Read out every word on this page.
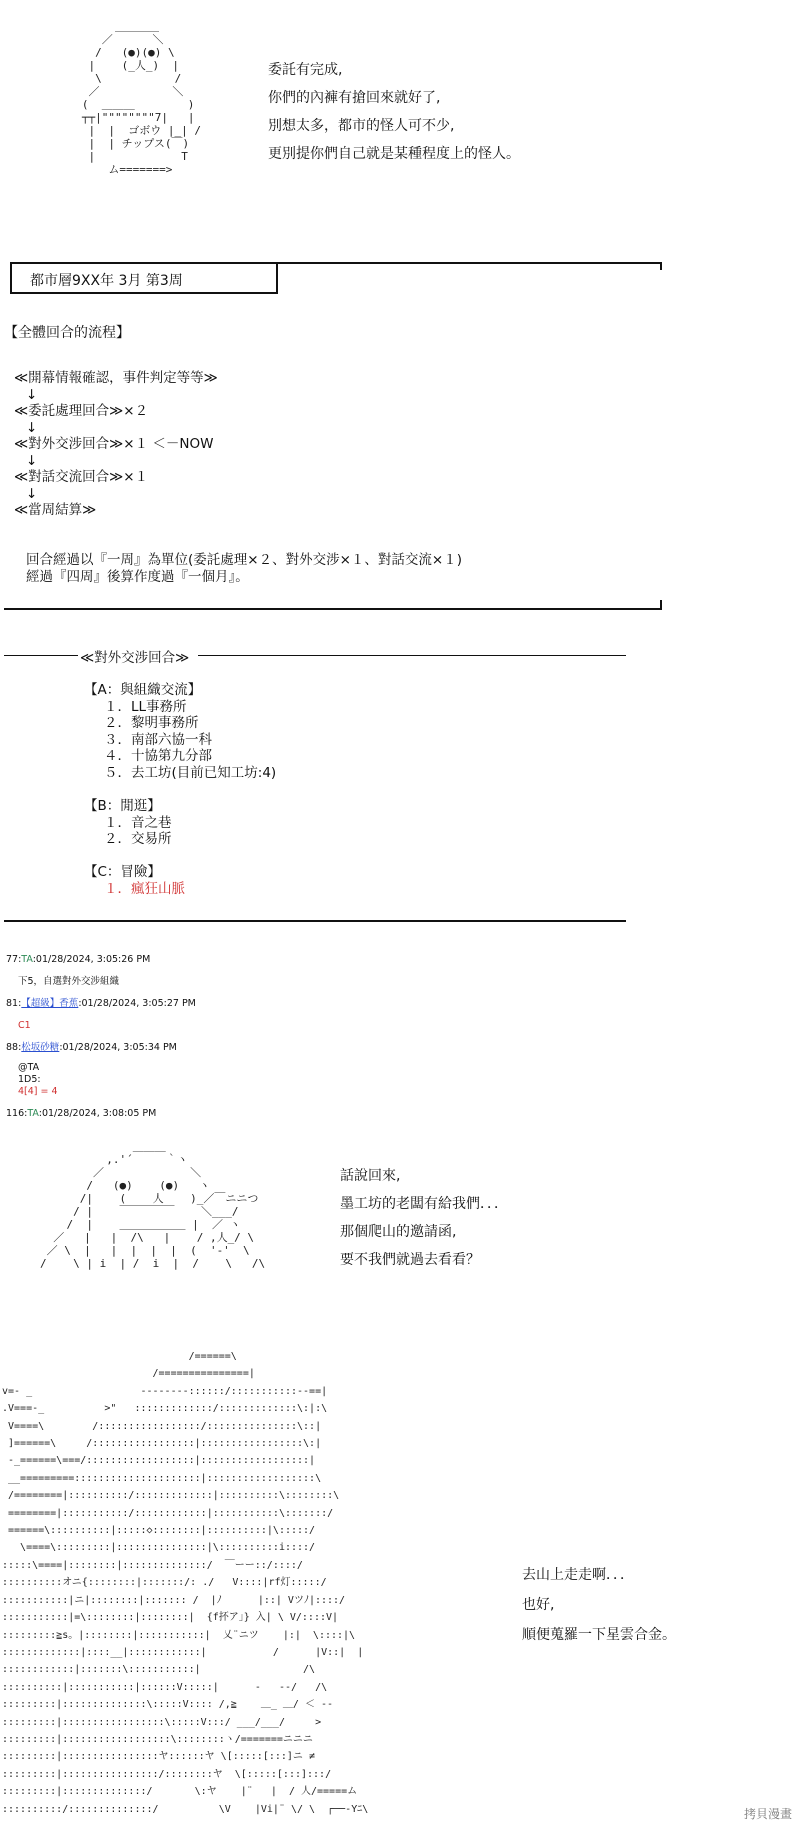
＿＿＿＿
／      ＼
/   (●)(●) \
|    (_人_)  |
\           /
／           ＼
(  ＿＿＿        )
┬┬|""""""""7|   |
|  |  ゴボウ |_| /
|  | チップス(￣)
|             T
ム=======>
委託有完成,
你們的內褲有搶回來就好了,
別想太多，都市的怪人可不少,
更別提你們自己就是某種程度上的怪人。
都市層9XX年 3月 第3周
【全體回合的流程】
≪開幕情報確認，事件判定等等≫
↓
≪委託處理回合≫×２
↓
≪對外交涉回合≫×１ ＜－NOW
↓
≪對話交流回合≫×１
↓
≪當周結算≫
回合經過以『一周』為單位(委託處理×２、對外交涉×１、對話交流×１)
經過『四周』後算作度過『一個月』。
≪對外交涉回合≫
【A：與組織交流】
１．LL事務所
２．黎明事務所
３．南部六協一科
４．十協第九分部
５．去工坊(目前已知工坊:4)
【B：閒逛】
１．音之巷
２．交易所
【C：冒險】
１．瘋狂山脈
77:TA:01/28/2024, 3:05:26 PM
下5，自選對外交涉組織
81:【超級】香蕉:01/28/2024, 3:05:27 PM
C1
88:松坂砂糖:01/28/2024, 3:05:34 PM
@TA
1D5:
4[4] = 4
116:TA:01/28/2024, 3:08:05 PM
＿＿＿
,.'´     ｀ヽ
／             ＼
/   (●)    (●)   ヽ
/|    (    人    )_／￣ニニつ
/ |    ￣￣￣￣￣    ＼___/
/  |    ＿＿＿＿＿＿ |  ／ ヽ
／   |   |  /\   |    / ,人_/ \
／ \  |   |  |  |  |  (  '‐'  \
/    \ | i  | /  i  |  /    \   /\
話說回來,
墨工坊的老闆有給我們．．．
那個爬山的邀請函,
要不我們就過去看看？
/======\
/===============|
v=- _                  --------::::::/:::::::::::--==|
.V===-_          >"   :::::::::::::/:::::::::::::\:|:\
V====\        /:::::::::::::::::/:::::::::::::::\::|
]======\     /:::::::::::::::::|:::::::::::::::::\:|
-_======\===/::::::::::::::::::|::::::::::::::::::|
__=========:::::::::::::::::::::|::::::::::::::::::\
/========|::::::::::/:::::::::::::|::::::::::\::::::::\
========|:::::::::::/::::::::::::|:::::::::::\:::::::/
======\::::::::::|:::::◇::::::::|::::::::::|\:::::/
\====\:::::::::|:::::::::::::::|\::::::::::i::::/
:::::\====|::::::::|::::::::::::::/  ￣ーー::/::::/
::::::::::オニ{::::::::|:::::::/: ./   V::::|rf灯:::::/
:::::::::::|ニ|::::::::|::::::: /  |ﾉ      |::| Vツﾉ|::::/
:::::::::::|=\::::::::|::::::::|  {f抔ア｣} 入| \ V/::::V|
:::::::::≧s。|::::::::|:::::::::::|  乂¨ニツ    |:|  \::::|\
:::::::::::::|::::__|::::::::::::|           /      |V::|  |
::::::::::::|:::::::\:::::::::::|                 /\
::::::::::|:::::::::::|::::::V:::::|      -   ‐‐/   /\
:::::::::|::::::::::::::\:::::V:::: /,≧    ＿_ ＿/ ＜ ‐‐
:::::::::|:::::::::::::::::\:::::V:::/ ___/___/     >
:::::::::|::::::::::::::::::\::::::::ヽ/=======ニニニ
:::::::::|::::::::::::::::ヤ::::::ヤ \[:::::[:::]ニ ≠
:::::::::|::::::::::::::::/::::::::ヤ  \[:::::[:::]:::/
:::::::::|::::::::::::::/       \:ヤ    |¨   |  / 人/=====ム
::::::::::/::::::::::::::/          \V    |Vi|¨ \/ \  ┌──‐Yﾆ\
去山上走走啊．．．
也好,
順便蒐羅一下星雲合金。
拷貝漫畫
